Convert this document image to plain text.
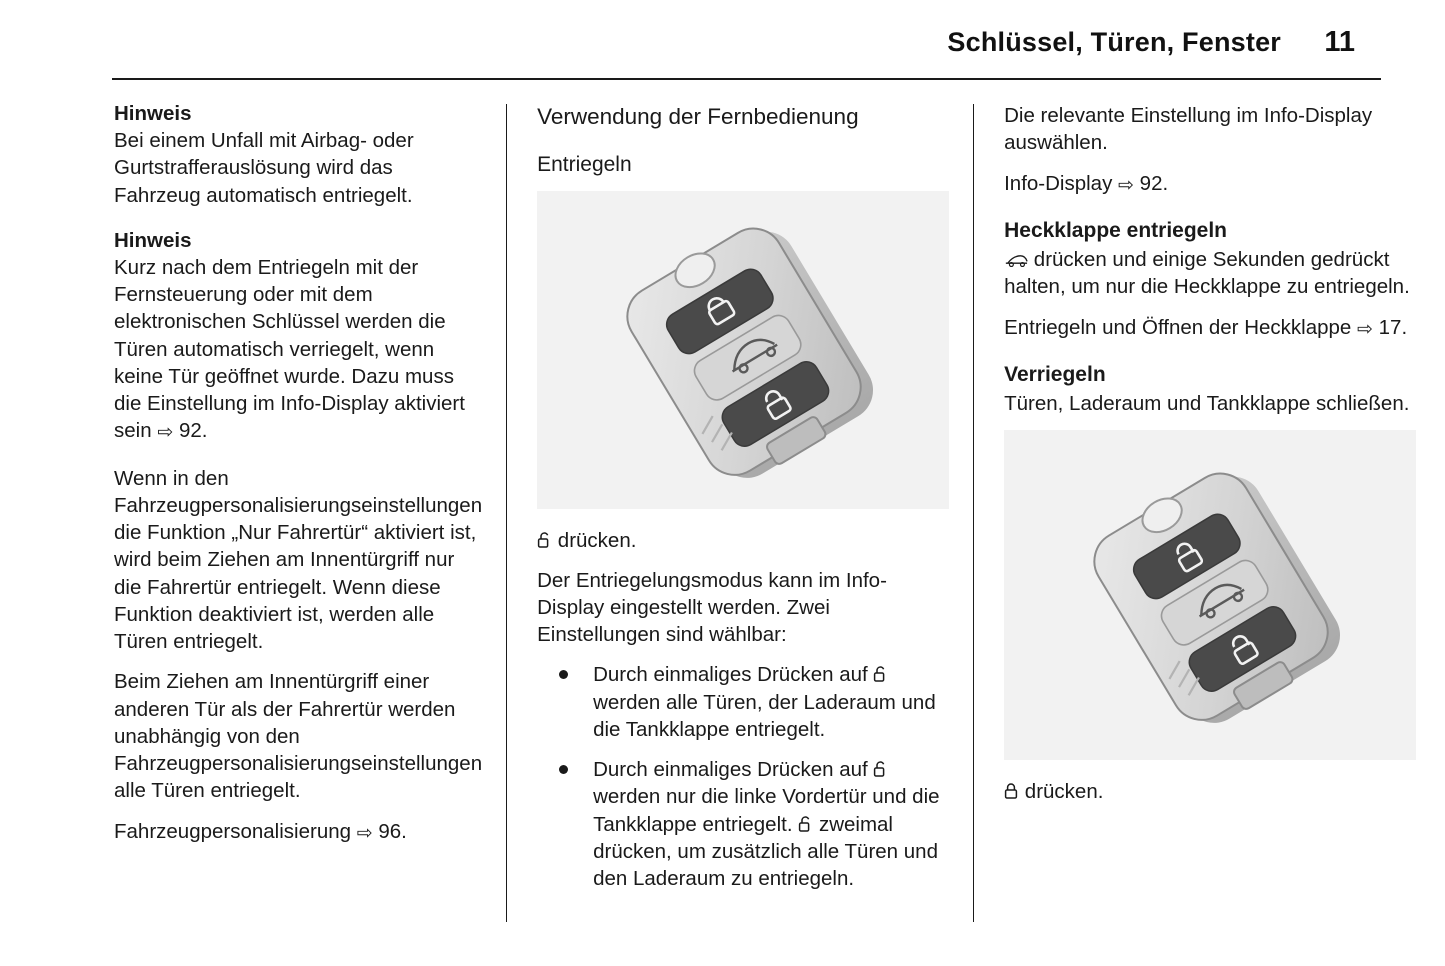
Schlüssel, Türen, Fenster 11
Hinweis

Bei einem Unfall mit Airbag- oder Gurtstrafferauslösung wird das Fahrzeug automatisch entriegelt.

Hinweis

Kurz nach dem Entriegeln mit der Fernsteuerung oder mit dem elektronischen Schlüssel werden die Türen automatisch verriegelt, wenn keine Tür geöffnet wurde. Dazu muss die Einstellung im Info-Display aktiviert sein ⇨ 92.

Wenn in den Fahrzeugpersonalisierungseinstellungen die Funktion „Nur Fahrertür“ aktiviert ist, wird beim Ziehen am Innentürgriff nur die Fahrertür entriegelt. Wenn diese Funktion deaktiviert ist, werden alle Türen entriegelt.

Beim Ziehen am Innentürgriff einer anderen Tür als der Fahrertür werden unabhängig von den Fahrzeugpersonalisierungseinstellungen alle Türen entriegelt.

Fahrzeugpersonalisierung ⇨ 96.

Verwendung der Fernbedienung
Entriegeln

drücken.

Der Entriegelungsmodus kann im Info-Display eingestellt werden. Zwei Einstellungen sind wählbar:

Durch einmaliges Drücken auf
werden alle Türen, der Laderaum und die Tankklappe entriegelt.
Durch einmaliges Drücken auf
werden nur die linke Vordertür und die Tankklappe entriegelt. zweimal drücken, um zusätzlich alle Türen und den Laderaum zu entriegeln.

Die relevante Einstellung im Info-Display auswählen.

Info-Display ⇨ 92.

Heckklappe entriegeln

drücken und einige Sekunden gedrückt halten, um nur die Heckklappe zu entriegeln.

Entriegeln und Öffnen der Heckklappe ⇨ 17.

Verriegeln

Türen, Laderaum und Tankklappe schließen.

drücken.
